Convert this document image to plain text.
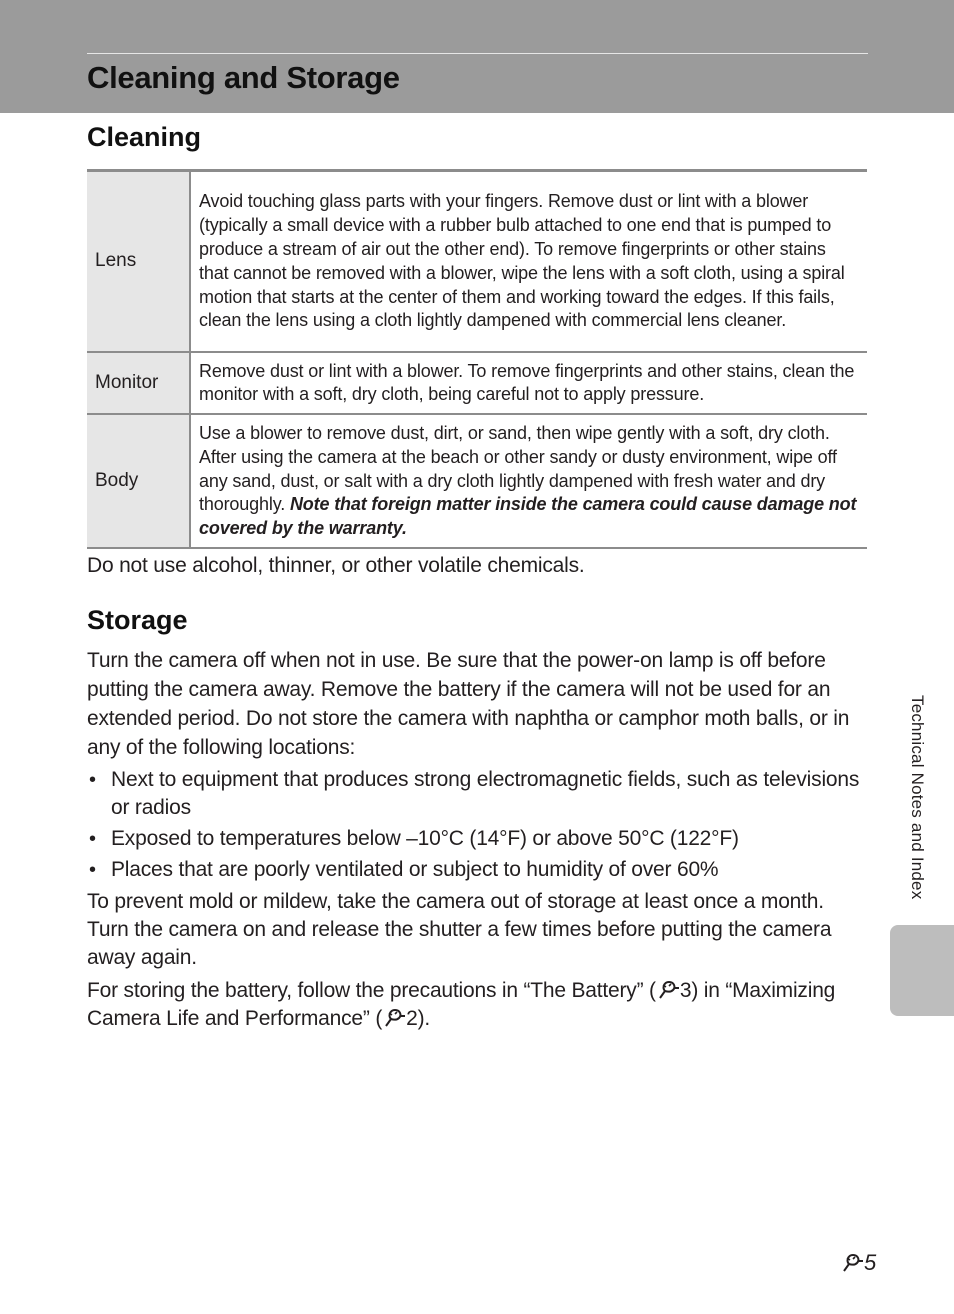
Cleaning and Storage
Cleaning
Lens	Avoid touching glass parts with your fingers. Remove dust or lint with a blower (typically a small device with a rubber bulb attached to one end that is pumped to produce a stream of air out the other end). To remove fingerprints or other stains that cannot be removed with a blower, wipe the lens with a soft cloth, using a spiral motion that starts at the center of them and working toward the edges. If this fails, clean the lens using a cloth lightly dampened with commercial lens cleaner.
Monitor	Remove dust or lint with a blower. To remove fingerprints and other stains, clean the monitor with a soft, dry cloth, being careful not to apply pressure.
Body	Use a blower to remove dust, dirt, or sand, then wipe gently with a soft, dry cloth. After using the camera at the beach or other sandy or dusty environment, wipe off any sand, dust, or salt with a dry cloth lightly dampened with fresh water and dry thoroughly. Note that foreign matter inside the camera could cause damage not covered by the warranty.

Do not use alcohol, thinner, or other volatile chemicals.

Storage

Turn the camera off when not in use. Be sure that the power-on lamp is off before putting the camera away. Remove the battery if the camera will not be used for an extended period. Do not store the camera with naphtha or camphor moth balls, or in any of the following locations:

• Next to equipment that produces strong electromagnetic fields, such as televisions or radios
• Exposed to temperatures below –10°C (14°F) or above 50°C (122°F)
• Places that are poorly ventilated or subject to humidity of over 60%

To prevent mold or mildew, take the camera out of storage at least once a month. Turn the camera on and release the shutter a few times before putting the camera away again.

For storing the battery, follow the precautions in “The Battery” ( 3) in “Maximizing Camera Life and Performance” ( 2).

Technical Notes and Index
5
